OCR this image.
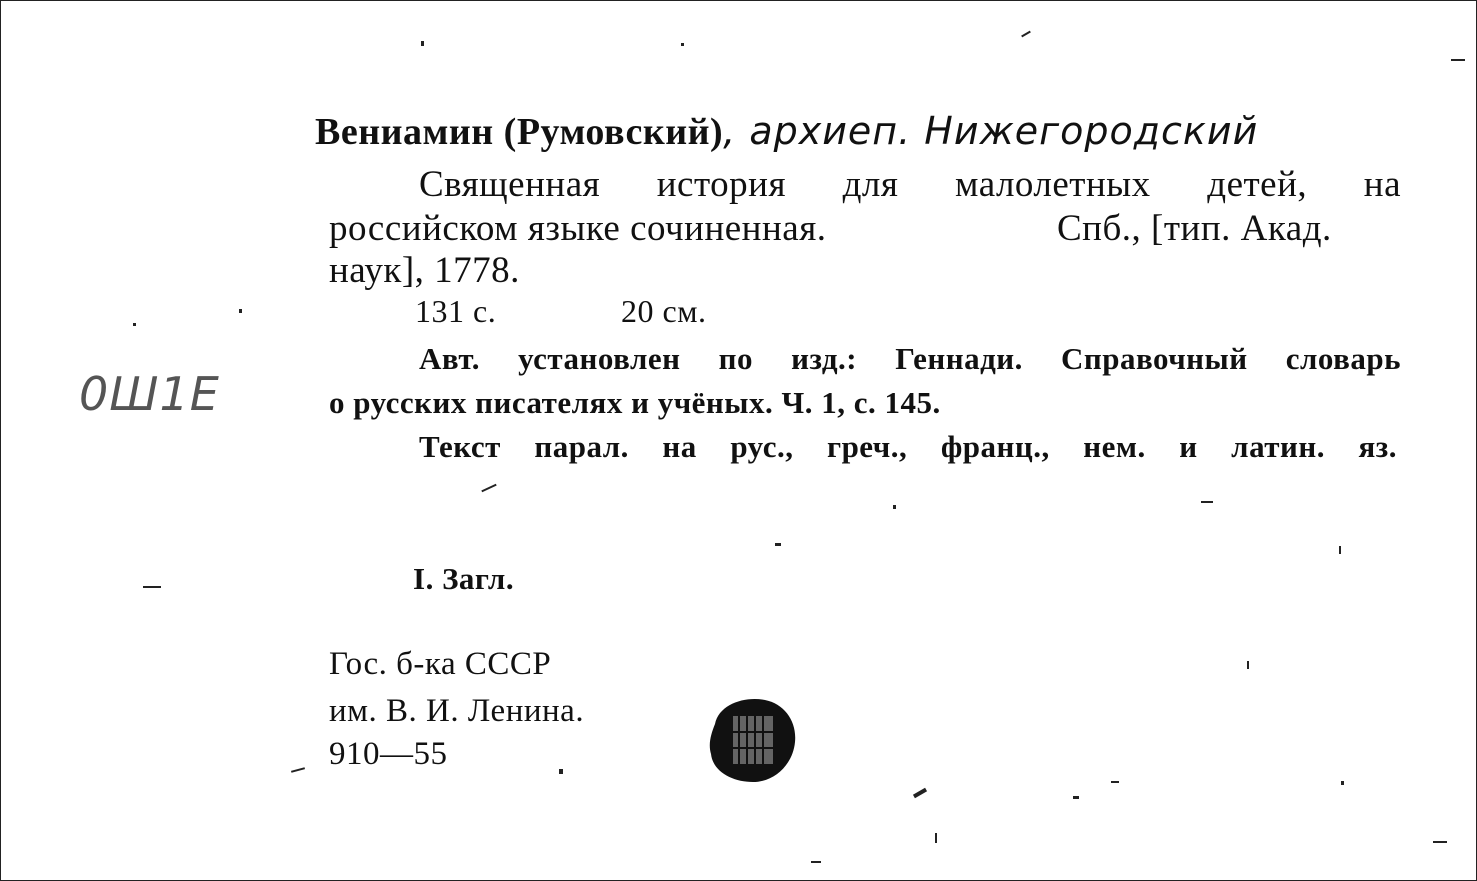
Вениамин (Румовский), архиеп. Нижегородский
Священная история для малолетных детей, на
российском языке сочиненная.	Спб., [тип. Акад.
наук], 1778.
131 с.	20 см.
Авт. установлен по изд.: Геннади. Справочный словарь
о русских писателях и учёных. Ч. 1, с. 145.
Текст парал. на рус., греч., франц., нем. и латин. яз.
I. Загл.
Гос. б-ка СССР
им. В. И. Ленина.
910—55
0Ш1Е
